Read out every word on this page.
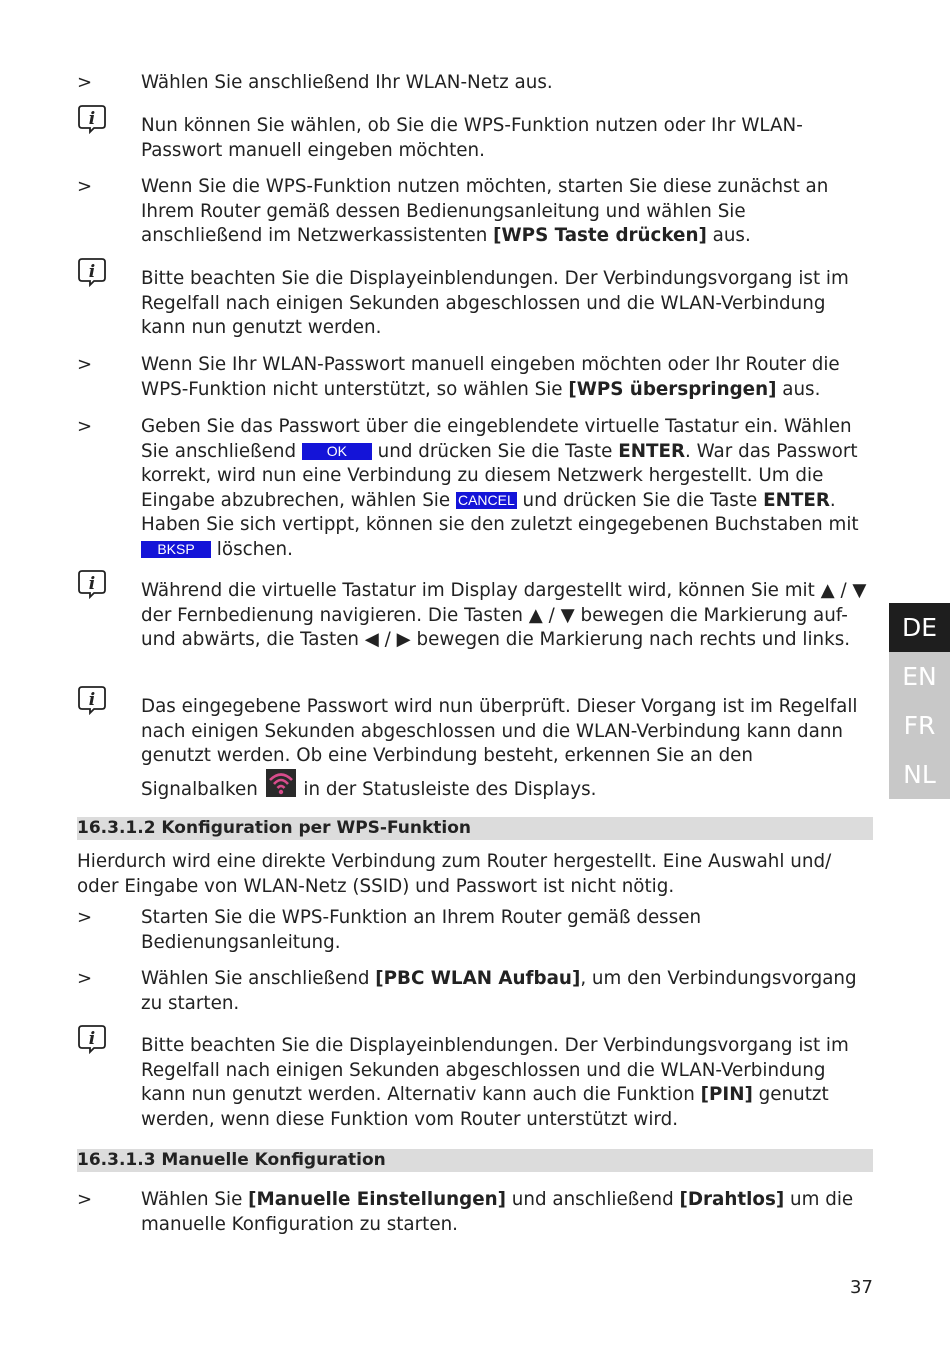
>	Wählen Sie anschließend Ihr WLAN-Netz aus.
i	Nun können Sie wählen, ob Sie die WPS-Funktion nutzen oder Ihr WLAN-Passwort manuell eingeben möchten.
>	Wenn Sie die WPS-Funktion nutzen möchten, starten Sie diese zunächst an Ihrem Router gemäß dessen Bedienungsanleitung und wählen Sie anschließend im Netzwerkassistenten [WPS Taste drücken] aus.
i	Bitte beachten Sie die Displayeinblendungen. Der Verbindungsvorgang ist im Regelfall nach einigen Sekunden abgeschlossen und die WLAN-Verbindung kann nun genutzt werden.
>	Wenn Sie Ihr WLAN-Passwort manuell eingeben möchten oder Ihr Router die WPS-Funktion nicht unterstützt, so wählen Sie [WPS überspringen] aus.
>	Geben Sie das Passwort über die eingeblendete virtuelle Tastatur ein. Wählen Sie anschließend OK und drücken Sie die Taste ENTER. War das Passwort korrekt, wird nun eine Verbindung zu diesem Netzwerk hergestellt. Um die Eingabe abzubrechen, wählen Sie CANCEL und drücken Sie die Taste ENTER. Haben Sie sich vertippt, können sie den zuletzt eingegebenen Buchstaben mit BKSP löschen.
i	Während die virtuelle Tastatur im Display dargestellt wird, können Sie mit ▲ / ▼ der Fernbedienung navigieren. Die Tasten ▲ / ▼ bewegen die Markierung auf- und abwärts, die Tasten ◀ / ▶ bewegen die Markierung nach rechts und links.
i	Das eingegebene Passwort wird nun überprüft. Dieser Vorgang ist im Regelfall nach einigen Sekunden abgeschlossen und die WLAN-Verbindung kann dann genutzt werden. Ob eine Verbindung besteht, erkennen Sie an den Signalbalken
in der Statusleiste des Displays.
16.3.1.2 Konfiguration per WPS-Funktion
Hierdurch wird eine direkte Verbindung zum Router hergestellt. Eine Auswahl und/ oder Eingabe von WLAN-Netz (SSID) und Passwort ist nicht nötig.
>	Starten Sie die WPS-Funktion an Ihrem Router gemäß dessen Bedienungsanleitung.
>	Wählen Sie anschließend [PBC WLAN Aufbau], um den Verbindungsvorgang zu starten.
i	Bitte beachten Sie die Displayeinblendungen. Der Verbindungsvorgang ist im Regelfall nach einigen Sekunden abgeschlossen und die WLAN-Verbindung kann nun genutzt werden. Alternativ kann auch die Funktion [PIN] genutzt werden, wenn diese Funktion vom Router unterstützt wird.
16.3.1.3 Manuelle Konfiguration
>	Wählen Sie [Manuelle Einstellungen] und anschließend [Drahtlos] um die manuelle Konfiguration zu starten.
DE
EN
FR
NL
37
